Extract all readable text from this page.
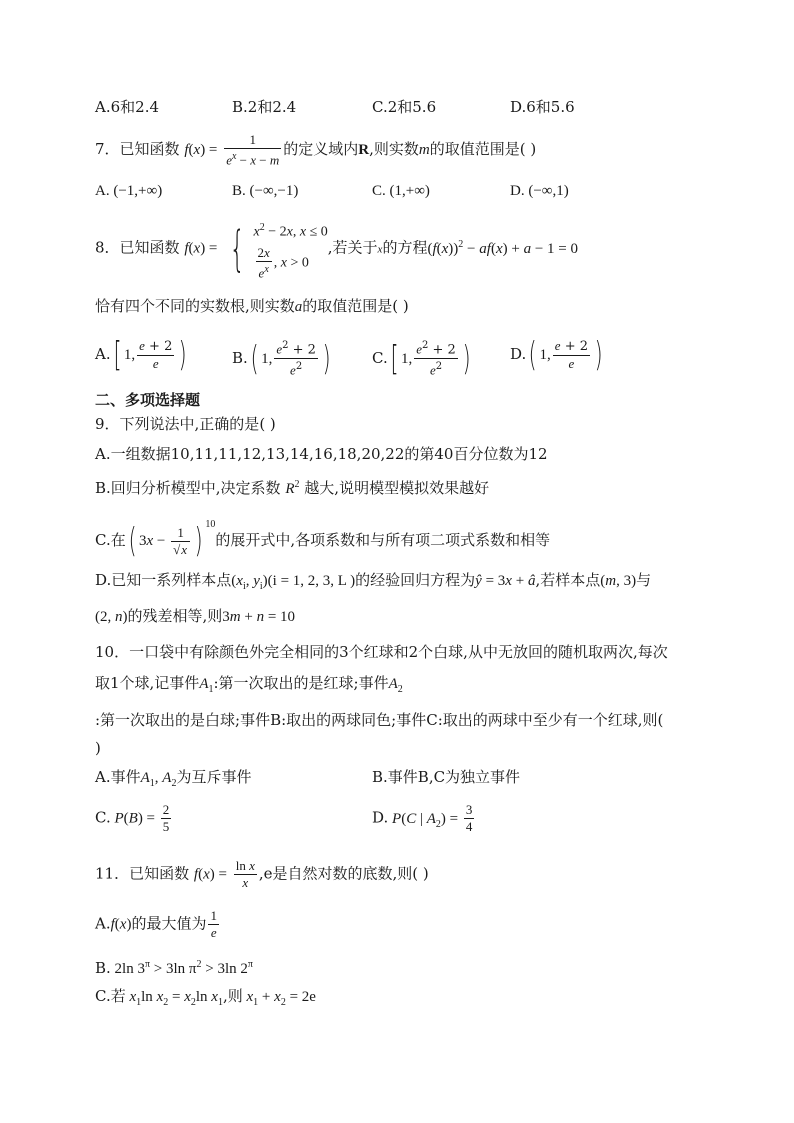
A.6和2.4	B.2和2.4	C.2和5.6	D.6和5.6
7．已知函数 $f(x) = \frac{1}{e^x - x - m}$ 的定义域内R,则实数m的取值范围是( )
A. (−1,+∞)	B. (−∞,−1)	C. (1,+∞)	D. (−∞,1)
8．已知函数 f(x) = { $x^2 - 2x$, x ≤ 0
$\frac{2x}{e^x}$ , x > 0
,若关于x的方程$(f(x))^2 - af(x) + a - 1 = 0$
恰有四个不同的实数根,则实数a的取值范围是( )
A.[ 1, $\frac{e + 2}{e}$ )	B.( 1, $\frac{e^2 + 2}{e^2}$ )	C.[ 1, $\frac{e^2 + 2}{e^2}$ )	D.( 1, $\frac{e + 2}{e}$ )
二、多项选择题
9．下列说法中,正确的是( )
A.一组数据10,11,11,12,13,14,16,18,20,22的第40百分位数为12
B.回归分析模型中,决定系数 $R^2$ 越大,说明模型模拟效果越好
C.在( $3x - \frac{1}{√x}$ ) $^{10}$的展开式中,各项系数和与所有项二项式系数和相等
D.已知一系列样本点($x_i$, $y_i)(i = 1$, 2, 3, L )的经验回归方程为ŷ = 3x + â,若样本点(m, 3)与
(2, n)的残差相等,则3m + n = 10
10．一口袋中有除颜色外完全相同的3个红球和2个白球,从中无放回的随机取两次,每次
取1个球,记事件$A_1$:第一次取出的是红球;事件$A_2$
:第一次取出的是白球;事件B:取出的两球同色;事件C:取出的两球中至少有一个红球,则(
)
A.事件$A_1$, $A_2$为互斥事件	B.事件B,C为独立事件
C. $P(B) = \frac{2}{5}$	D. P(C | $A_2) = \frac{3}{4}$
11．已知函数 $f(x) = \frac{\text{ln x}}{x} ,e$是自然对数的底数,则( )
A.f(x)的最大值为 $\frac{1}{e}$
B. 2ln $3^\pi > 3\ln$ $\pi^2 > 3\ln$ $2^\pi$
C.若 $x_1\ln$ $x_2 = x_2\ln$ $x_1$,则 $x_1 + x_2 = 2e$
